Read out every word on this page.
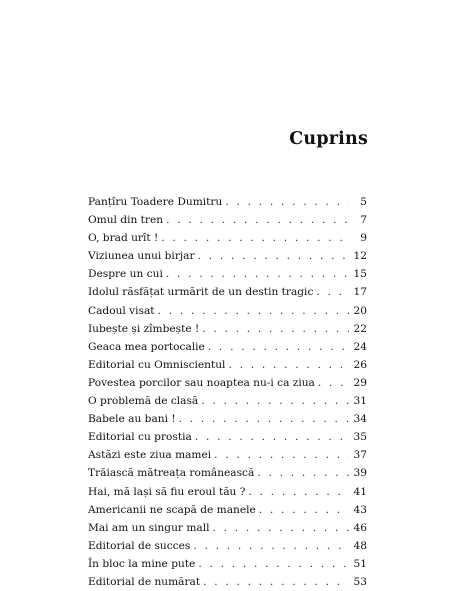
Cuprins
Panțîru Toadere Dumitru . . .	5
Omul din tren . . .	7
O, brad urît ! . . .	9
Viziunea unui birjar . . .	12
Despre un cui . . .	15
Idolul răsfățat urmărit de un destin tragic . . .	17
Cadoul visat . . .	20
Iubește și zîmbește ! . . .	22
Geaca mea portocalie . . .	24
Editorial cu Omniscientul . . .	26
Povestea porcilor sau noaptea nu-i ca ziua . . .	29
O problemă de clasă . . .	31
Babele au bani ! . . .	34
Editorial cu prostia . . .	35
Astăzi este ziua mamei . . .	37
Trăiască mătreața românească . . .	39
Hai, mă lași să fiu eroul tău ? . . .	41
Americanii ne scapă de manele . . .	43
Mai am un singur mall . . .	46
Editorial de succes . . .	48
În bloc la mine pute . . .	51
Editorial de numărat . . .	53
